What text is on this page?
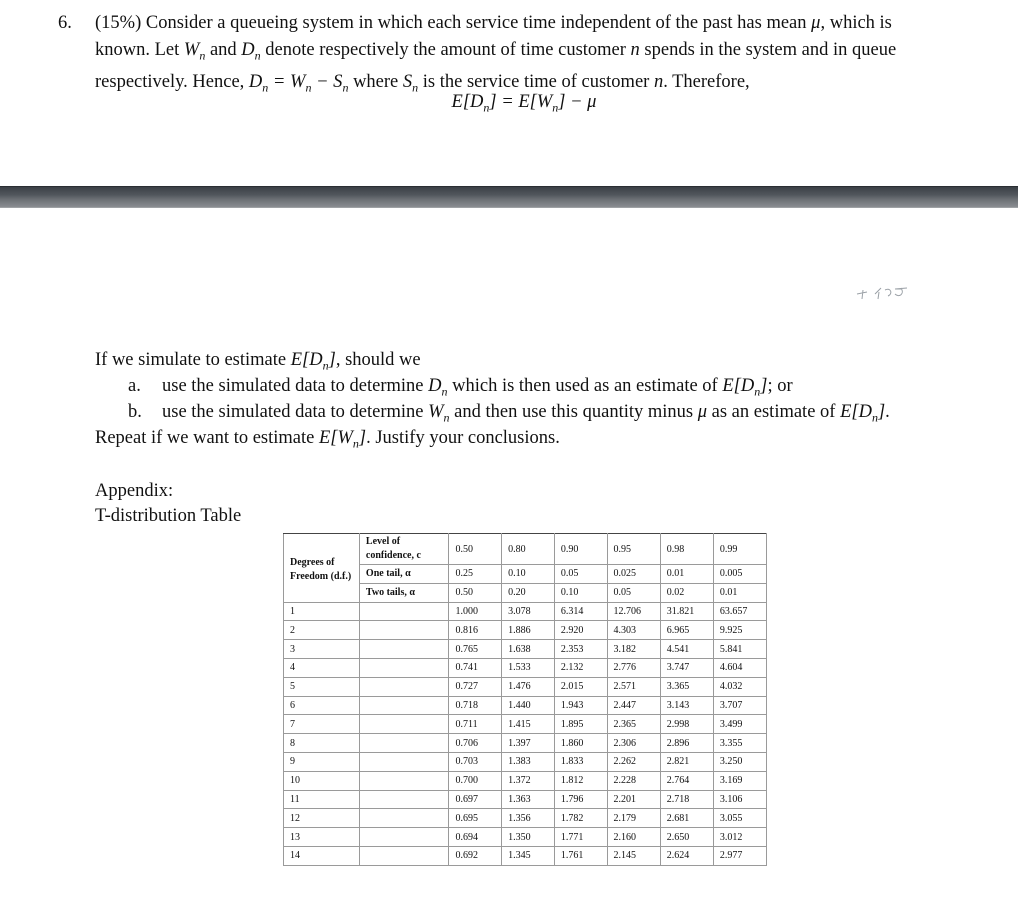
6. (15%) Consider a queueing system in which each service time independent of the past has mean μ, which is
known. Let $W_n$ and $D_n$ denote respectively the amount of time customer n spends in the system and in queue
respectively. Hence, $D_n = W_n - S_n$ where $S_n$ is the service time of customer n. Therefore,
$E[D_n] = E[W_n] - \mu$
If we simulate to estimate $E[D_n]$, should we
a. use the simulated data to determine $D_n$ which is then used as an estimate of $E[D_n]$; or
b. use the simulated data to determine $W_n$ and then use this quantity minus μ as an estimate of $E[D_n]$.
Repeat if we want to estimate $E[W_n]$. Justify your conclusions.
Appendix:
T-distribution Table
Degrees of Freedom (d.f.)	Level of confidence, c	0.50	0.80	0.90	0.95	0.98	0.99
	One tail, α	0.25	0.10	0.05	0.025	0.01	0.005
	Two tails, α	0.50	0.20	0.10	0.05	0.02	0.01
1		1.000	3.078	6.314	12.706	31.821	63.657
2		0.816	1.886	2.920	4.303	6.965	9.925
3		0.765	1.638	2.353	3.182	4.541	5.841
4		0.741	1.533	2.132	2.776	3.747	4.604
5		0.727	1.476	2.015	2.571	3.365	4.032
6		0.718	1.440	1.943	2.447	3.143	3.707
7		0.711	1.415	1.895	2.365	2.998	3.499
8		0.706	1.397	1.860	2.306	2.896	3.355
9		0.703	1.383	1.833	2.262	2.821	3.250
10		0.700	1.372	1.812	2.228	2.764	3.169
11		0.697	1.363	1.796	2.201	2.718	3.106
12		0.695	1.356	1.782	2.179	2.681	3.055
13		0.694	1.350	1.771	2.160	2.650	3.012
14		0.692	1.345	1.761	2.145	2.624	2.977
